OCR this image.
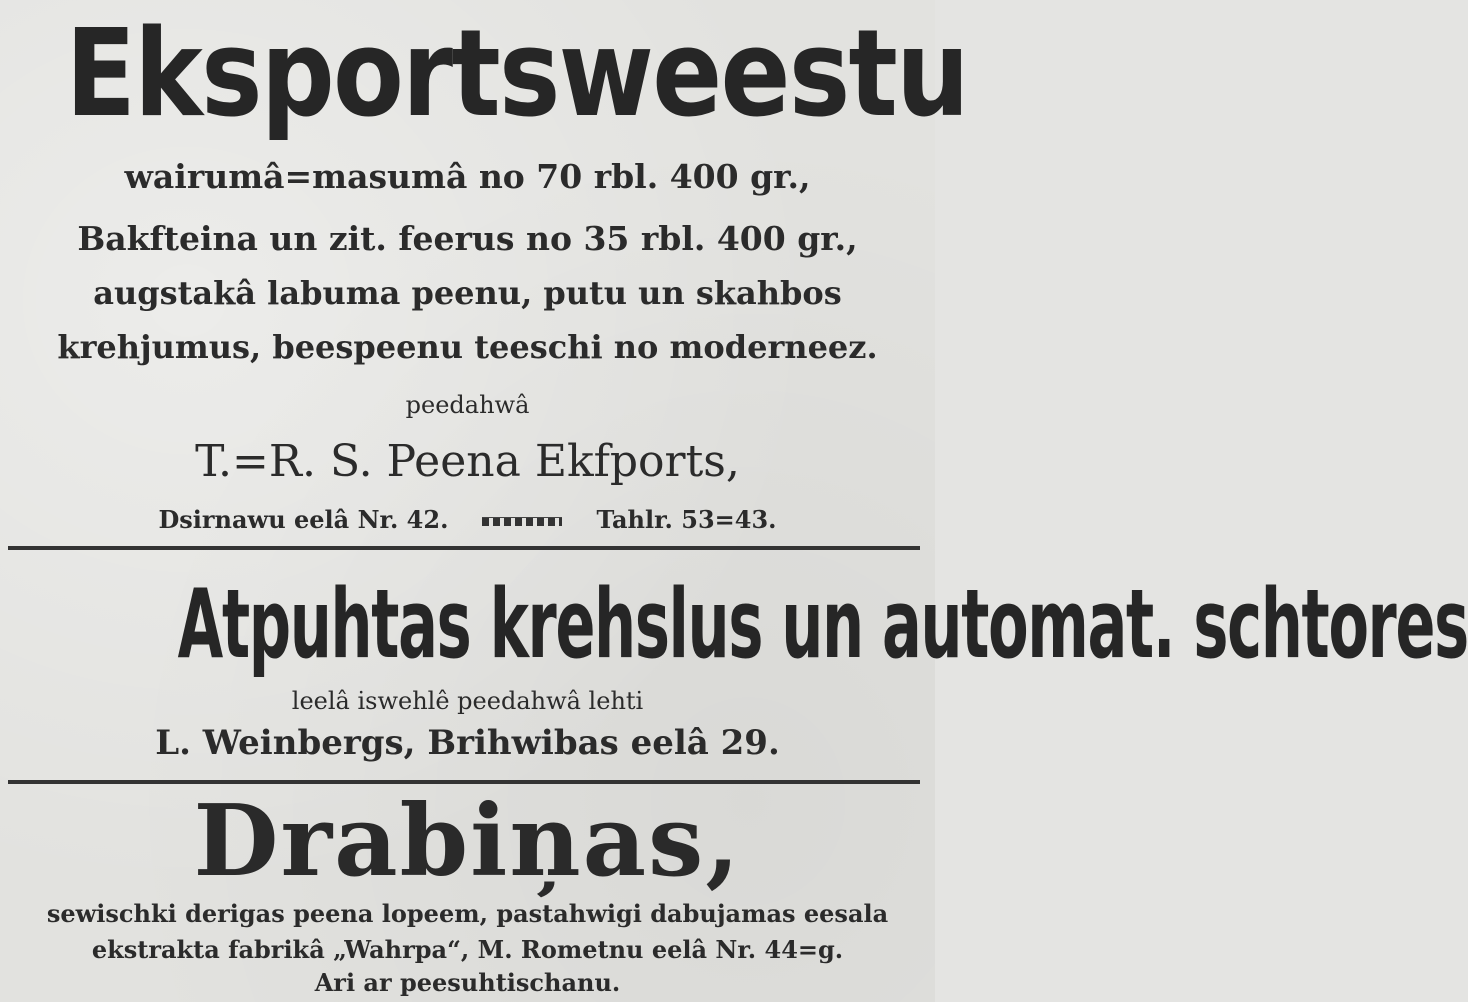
Eksportsweestu
wairumâ=masumâ no 70 rbl. 400 gr.,
Bakfteina un zit. feerus no 35 rbl. 400 gr.,
augstakâ labuma peenu, putu un skahbos
krehjumus, beespeenu teeschi no moderneez.
peedahwâ
T.=R. S. Peena Ekfports,
Dsirnawu eelâ Nr. 42.	Tahlr. 53=43.
Atpuhtas krehslus un automat. schtores
leelâ iswehlê peedahwâ lehti
L. Weinbergs, Brihwibas eelâ 29.
Drabiņas,
sewischki derigas peena lopeem, pastahwigi dabujamas eesala
ekstrakta fabrikâ „Wahrpa“, M. Rometnu eelâ Nr. 44=g.
Ari ar peesuhtischanu.
